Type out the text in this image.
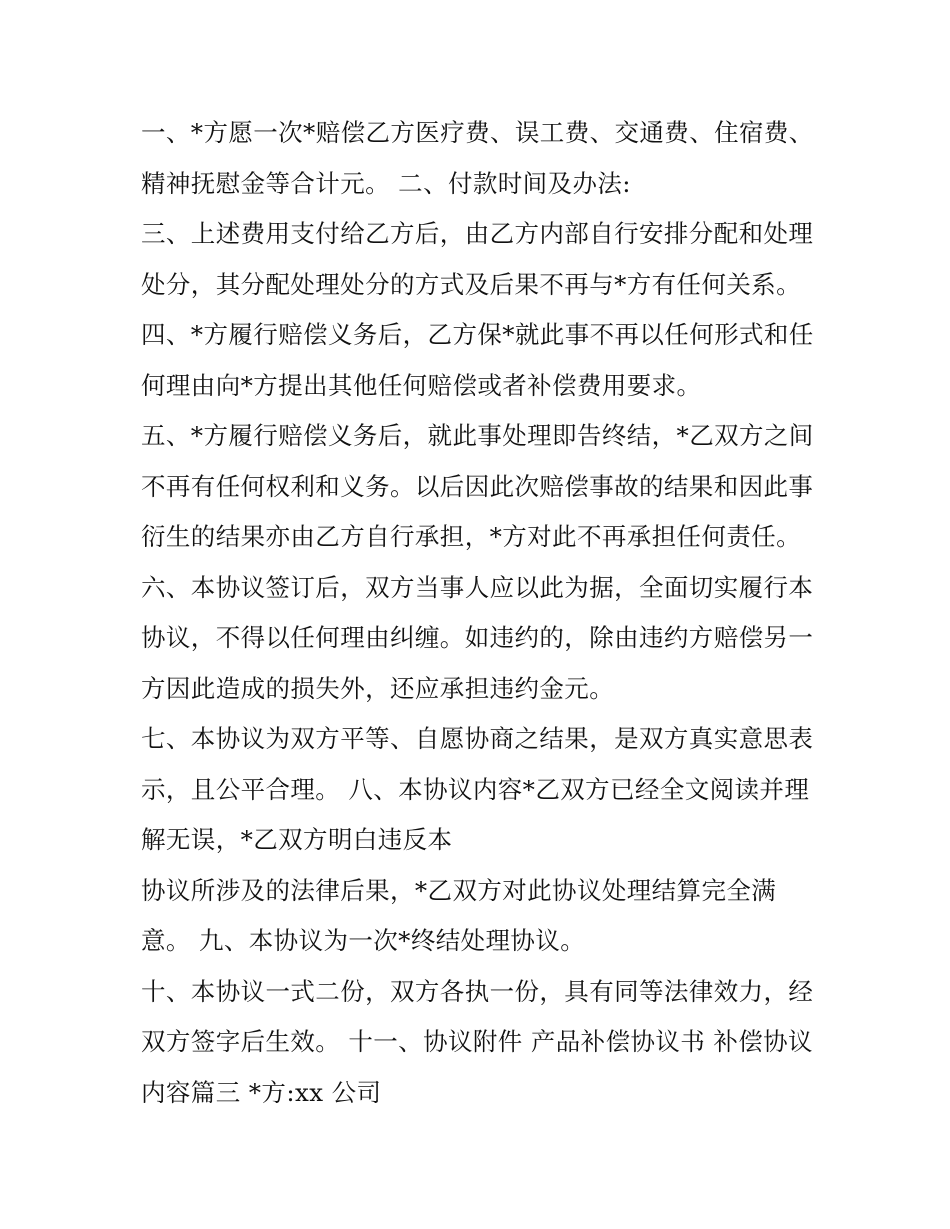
一、*方愿一次*赔偿乙方医疗费、误工费、交通费、住宿费、
精神抚慰金等合计元。 二、付款时间及办法:
三、上述费用支付给乙方后，由乙方内部自行安排分配和处理
处分，其分配处理处分的方式及后果不再与*方有任何关系。
四、*方履行赔偿义务后，乙方保*就此事不再以任何形式和任
何理由向*方提出其他任何赔偿或者补偿费用要求。
五、*方履行赔偿义务后，就此事处理即告终结，*乙双方之间
不再有任何权利和义务。以后因此次赔偿事故的结果和因此事
衍生的结果亦由乙方自行承担，*方对此不再承担任何责任。
六、本协议签订后，双方当事人应以此为据，全面切实履行本
协议，不得以任何理由纠缠。如违约的，除由违约方赔偿另一
方因此造成的损失外，还应承担违约金元。
七、本协议为双方平等、自愿协商之结果，是双方真实意思表
示，且公平合理。 八、本协议内容*乙双方已经全文阅读并理
解无误，*乙双方明白违反本
协议所涉及的法律后果，*乙双方对此协议处理结算完全满
意。 九、本协议为一次*终结处理协议。
十、本协议一式二份，双方各执一份，具有同等法律效力，经
双方签字后生效。 十一、协议附件 产品补偿协议书 补偿协议
内容篇三 *方:xx 公司
